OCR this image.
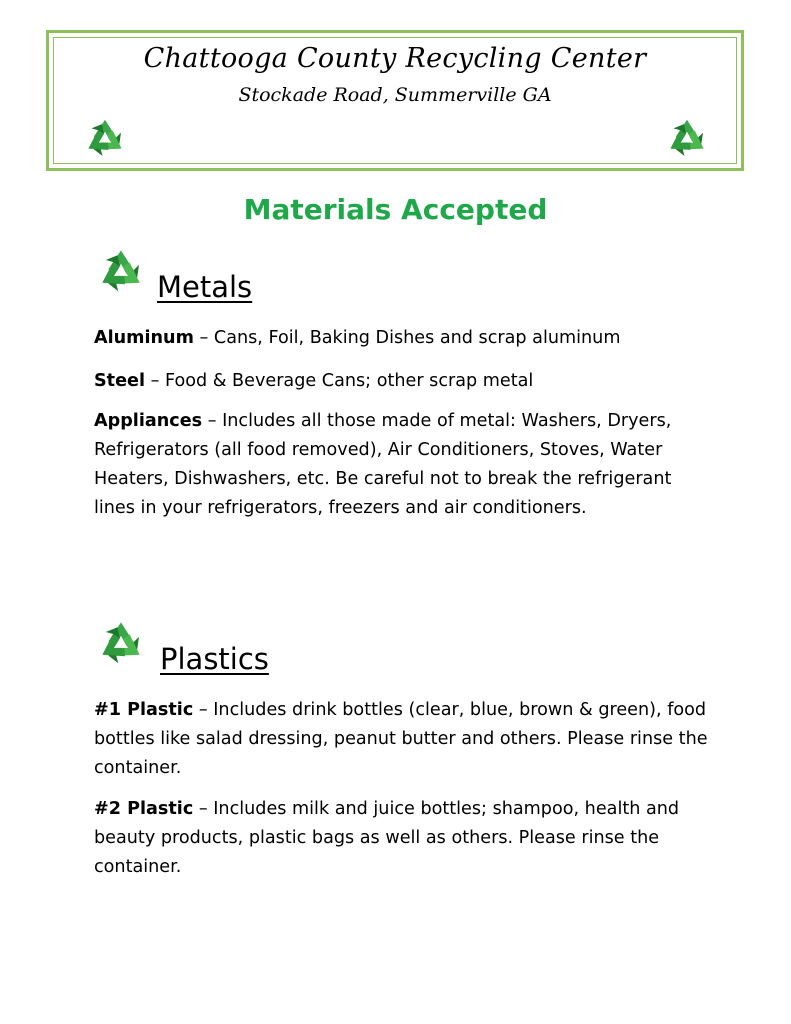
Chattooga County Recycling Center
Stockade Road, Summerville GA
Materials Accepted
Metals
Aluminum – Cans, Foil, Baking Dishes and scrap aluminum
Steel – Food & Beverage Cans; other scrap metal
Appliances – Includes all those made of metal: Washers, Dryers, Refrigerators (all food removed), Air Conditioners, Stoves, Water Heaters, Dishwashers, etc. Be careful not to break the refrigerant lines in your refrigerators, freezers and air conditioners.
Plastics
#1 Plastic – Includes drink bottles (clear, blue, brown & green), food bottles like salad dressing, peanut butter and others. Please rinse the container.
#2 Plastic – Includes milk and juice bottles; shampoo, health and beauty products, plastic bags as well as others. Please rinse the container.
